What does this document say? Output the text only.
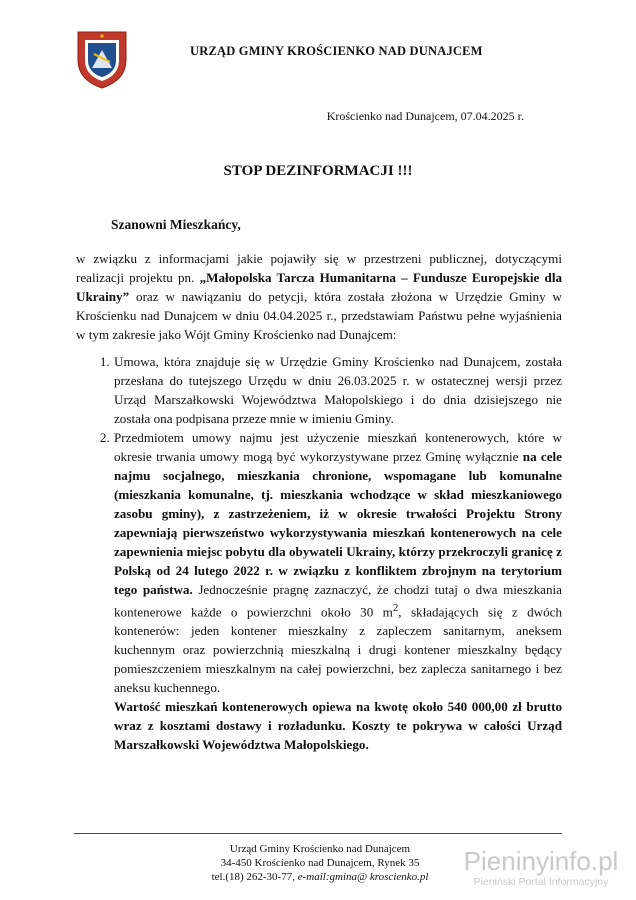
URZĄD GMINY KROŚCIENKO NAD DUNAJCEM
Krościenko nad Dunajcem, 07.04.2025 r.
STOP DEZINFORMACJI !!!
Szanowni Mieszkańcy,

w związku z informacjami jakie pojawiły się w przestrzeni publicznej, dotyczącymi realizacji projektu pn. „Małopolska Tarcza Humanitarna – Fundusze Europejskie dla Ukrainy” oraz w nawiązaniu do petycji, która została złożona w Urzędzie Gminy w Krościenku nad Dunajcem w dniu 04.04.2025 r., przedstawiam Państwu pełne wyjaśnienia w tym zakresie jako Wójt Gminy Krościenko nad Dunajcem:

1. Umowa, która znajduje się w Urzędzie Gminy Krościenko nad Dunajcem, została przesłana do tutejszego Urzędu w dniu 26.03.2025 r. w ostatecznej wersji przez Urząd Marszałkowski Województwa Małopolskiego i do dnia dzisiejszego nie została ona podpisana przeze mnie w imieniu Gminy.
2. Przedmiotem umowy najmu jest użyczenie mieszkań kontenerowych, które w okresie trwania umowy mogą być wykorzystywane przez Gminę wyłącznie na cele najmu socjalnego, mieszkania chronione, wspomagane lub komunalne (mieszkania komunalne, tj. mieszkania wchodzące w skład mieszkaniowego zasobu gminy), z zastrzeżeniem, iż w okresie trwałości Projektu Strony zapewniają pierwszeństwo wykorzystywania mieszkań kontenerowych na cele zapewnienia miejsc pobytu dla obywateli Ukrainy, którzy przekroczyli granicę z Polską od 24 lutego 2022 r. w związku z konfliktem zbrojnym na terytorium tego państwa. Jednocześnie pragnę zaznaczyć, że chodzi tutaj o dwa mieszkania kontenerowe każde o powierzchni około 30 $m^2$, składających się z dwóch kontenerów: jeden kontener mieszkalny z zapleczem sanitarnym, aneksem kuchennym oraz powierzchnią mieszkalną i drugi kontener mieszkalny będący pomieszczeniem mieszkalnym na całej powierzchni, bez zaplecza sanitarnego i bez aneksu kuchennego.
Wartość mieszkań kontenerowych opiewa na kwotę około 540 000,00 zł brutto wraz z kosztami dostawy i rozładunku. Koszty te pokrywa w całości Urząd Marszałkowski Województwa Małopolskiego.
Urząd Gminy Krościenko nad Dunajcem
34-450 Krościenko nad Dunajcem, Rynek 35
tel.(18) 262-30-77, e-mail:gmina@ kroscienko.pl
Pieninyinfo.pl
Pieniński Portal Informacyjny
